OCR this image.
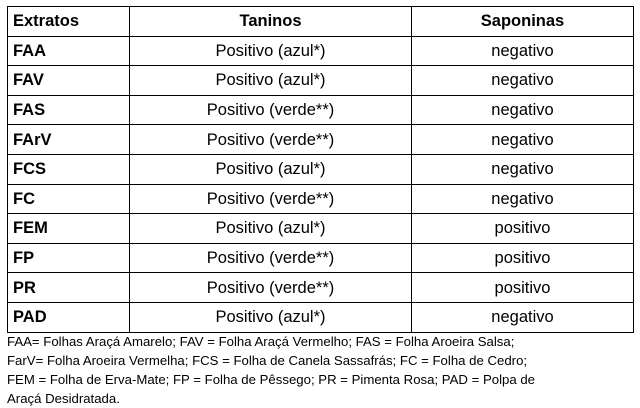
Extratos	Taninos	Saponinas
FAA	Positivo (azul*)	negativo
FAV	Positivo (azul*)	negativo
FAS	Positivo (verde**)	negativo
FArV	Positivo (verde**)	negativo
FCS	Positivo (azul*)	negativo
FC	Positivo (verde**)	negativo
FEM	Positivo (azul*)	positivo
FP	Positivo (verde**)	positivo
PR	Positivo (verde**)	positivo
PAD	Positivo (azul*)	negativo
FAA= Folhas Araçá Amarelo; FAV = Folha Araçá Vermelho; FAS = Folha Aroeira Salsa;
FarV= Folha Aroeira Vermelha; FCS = Folha de Canela Sassafrás; FC = Folha de Cedro;
FEM = Folha de Erva-Mate; FP = Folha de Pêssego; PR = Pimenta Rosa; PAD = Polpa de
Araçá Desidratada.
